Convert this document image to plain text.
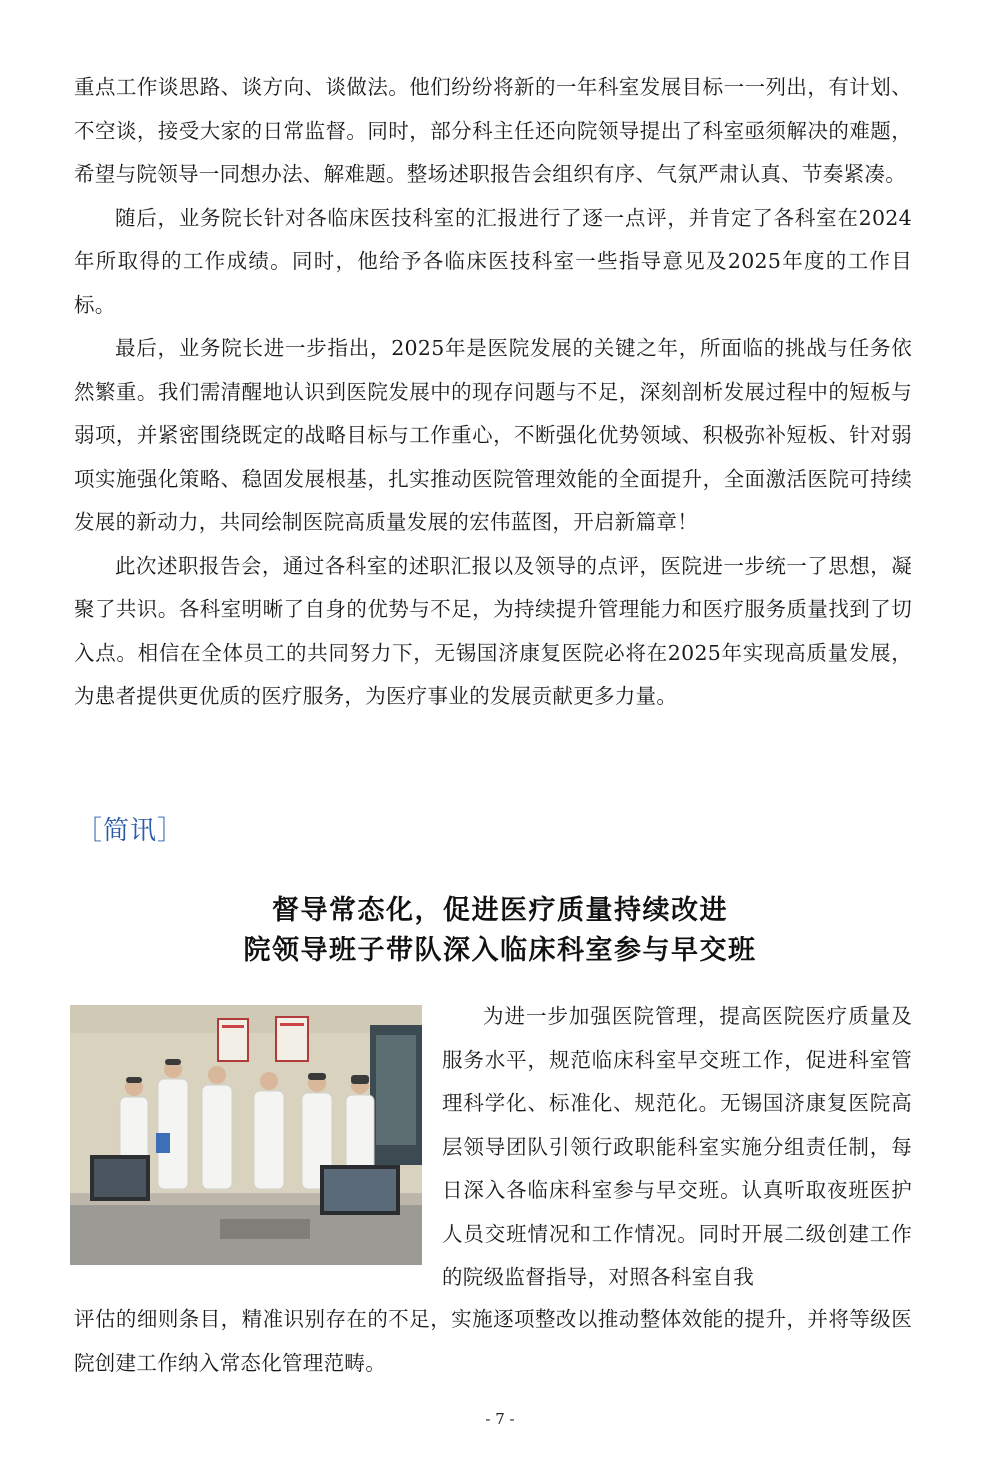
重点工作谈思路、谈方向、谈做法。他们纷纷将新的一年科室发展目标一一列出，有计划、不空谈，接受大家的日常监督。同时，部分科主任还向院领导提出了科室亟须解决的难题，希望与院领导一同想办法、解难题。整场述职报告会组织有序、气氛严肃认真、节奏紧凑。

随后，业务院长针对各临床医技科室的汇报进行了逐一点评，并肯定了各科室在2024年所取得的工作成绩。同时，他给予各临床医技科室一些指导意见及2025年度的工作目标。

最后，业务院长进一步指出，2025年是医院发展的关键之年，所面临的挑战与任务依然繁重。我们需清醒地认识到医院发展中的现存问题与不足，深刻剖析发展过程中的短板与弱项，并紧密围绕既定的战略目标与工作重心，不断强化优势领域、积极弥补短板、针对弱项实施强化策略、稳固发展根基，扎实推动医院管理效能的全面提升，全面激活医院可持续发展的新动力，共同绘制医院高质量发展的宏伟蓝图，开启新篇章！

此次述职报告会，通过各科室的述职汇报以及领导的点评，医院进一步统一了思想，凝聚了共识。各科室明晰了自身的优势与不足，为持续提升管理能力和医疗服务质量找到了切入点。相信在全体员工的共同努力下，无锡国济康复医院必将在2025年实现高质量发展，为患者提供更优质的医疗服务，为医疗事业的发展贡献更多力量。

［简讯］
督导常态化，促进医疗质量持续改进
院领导班子带队深入临床科室参与早交班

为进一步加强医院管理，提高医院医疗质量及服务水平，规范临床科室早交班工作，促进科室管理科学化、标准化、规范化。无锡国济康复医院高层领导团队引领行政职能科室实施分组责任制，每日深入各临床科室参与早交班。认真听取夜班医护人员交班情况和工作情况。同时开展二级创建工作的院级监督指导，对照各科室自我

评估的细则条目，精准识别存在的不足，实施逐项整改以推动整体效能的提升，并将等级医院创建工作纳入常态化管理范畴。

- 7 -
